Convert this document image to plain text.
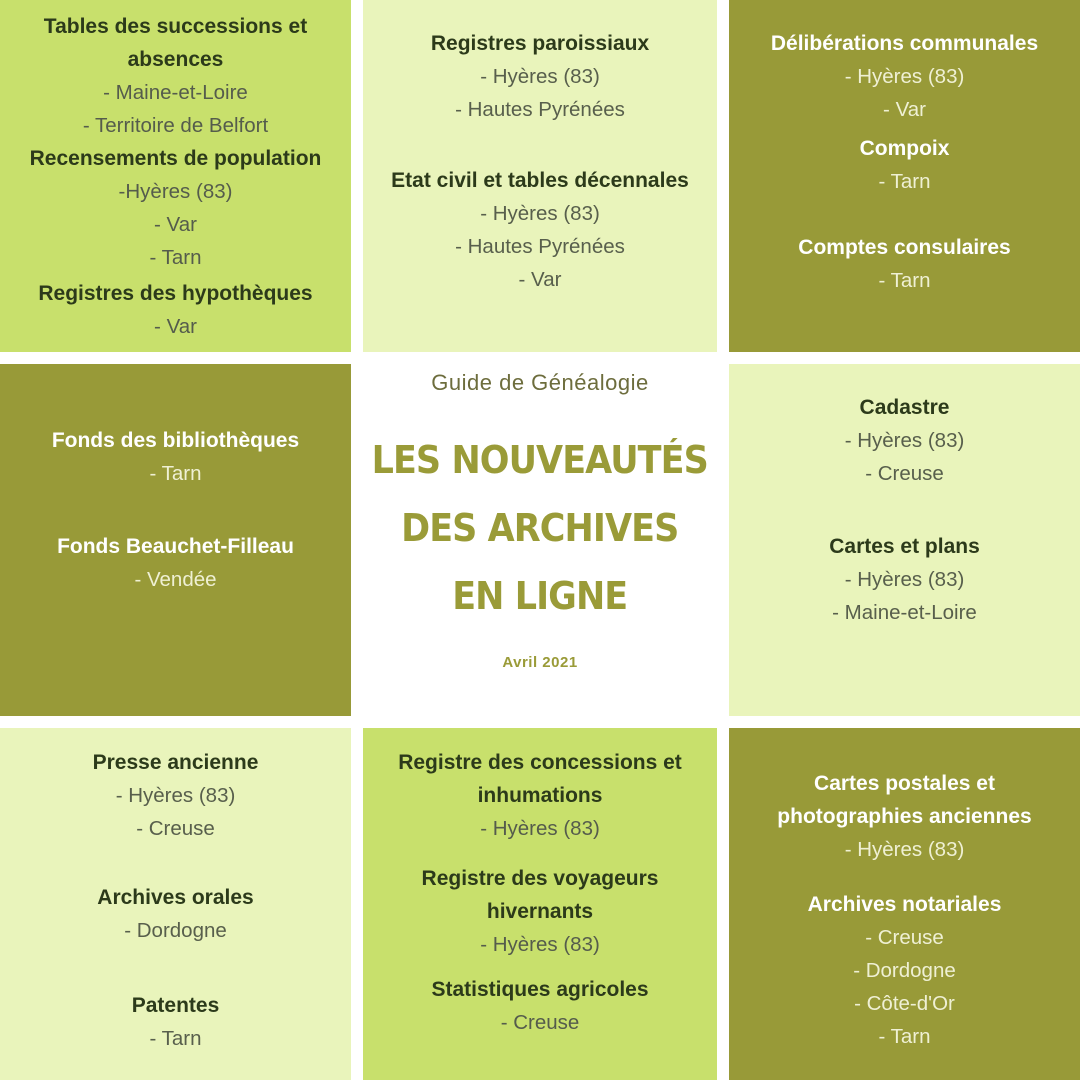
Tables des successions et
absences
- Maine-et-Loire
- Territoire de Belfort
Recensements de population
-Hyères (83)
- Var
- Tarn
Registres des hypothèques
- Var
Registres paroissiaux
- Hyères (83)
- Hautes Pyrénées
Etat civil et tables décennales
- Hyères (83)
- Hautes Pyrénées
- Var
Délibérations communales
- Hyères (83)
- Var
Compoix
- Tarn
Comptes consulaires
- Tarn
Fonds des bibliothèques
- Tarn
Fonds Beauchet-Filleau
- Vendée
Guide de Généalogie
LES NOUVEAUTÉS
DES ARCHIVES
EN LIGNE
Avril 2021
Cadastre
- Hyères (83)
- Creuse
Cartes et plans
- Hyères (83)
- Maine-et-Loire
Presse ancienne
- Hyères (83)
- Creuse
Archives orales
- Dordogne
Patentes
- Tarn
Registre des concessions et
inhumations
- Hyères (83)
Registre des voyageurs
hivernants
- Hyères (83)
Statistiques agricoles
- Creuse
Cartes postales et
photographies anciennes
- Hyères (83)
Archives notariales
- Creuse
- Dordogne
- Côte-d'Or
- Tarn
